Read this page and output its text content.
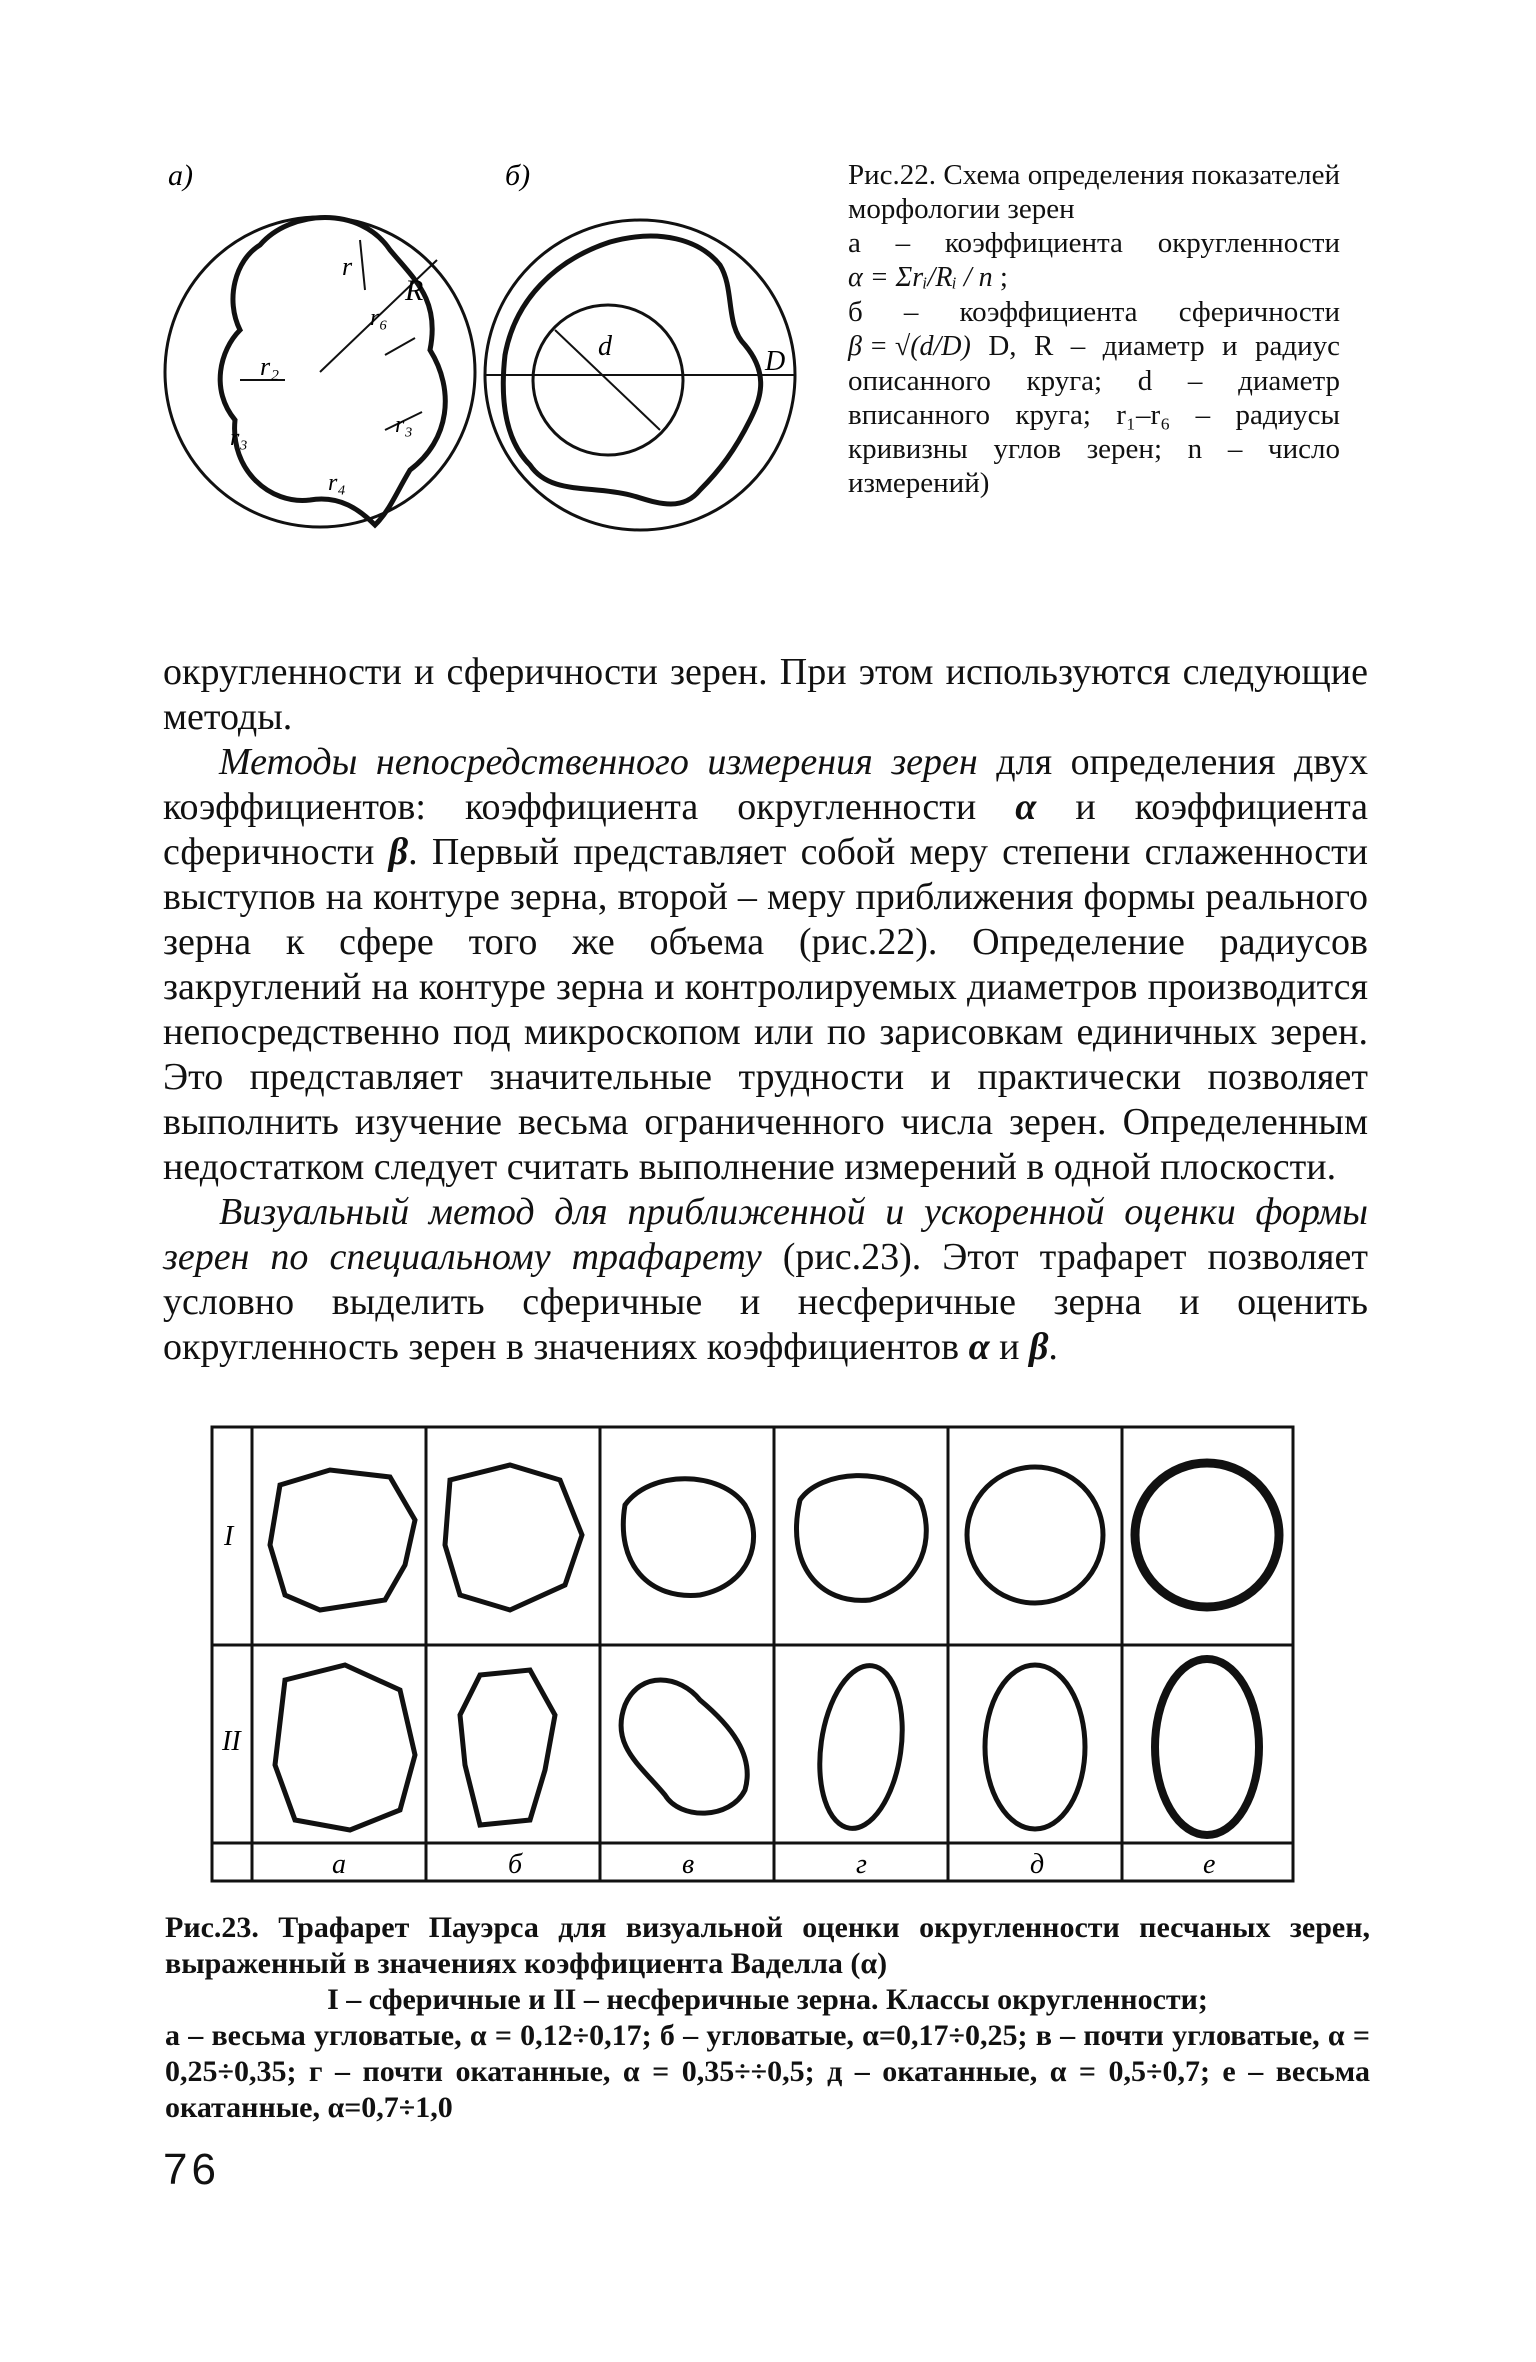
а)
r
r₆
R
r₂
r₃	r₃
r₄
б)
d	D

Рис.22. Схема определения показателей морфологии зерен

а – коэффициента округленности α = Σrᵢ/Rᵢ / n ;

б – коэффициента сферичности β = √(d/D) D, R – диаметр и радиус описанного круга; d – диаметр вписанного круга; r₁–r₆ – радиусы кривизны углов зерен; n – число измерений)

округленности и сферичности зерен. При этом используются следующие методы.

Методы непосредственного измерения зерен для определения двух коэффициентов: коэффициента округленности α и коэффициента сферичности β. Первый представляет собой меру степени сглаженности выступов на контуре зерна, второй – меру приближения формы реального зерна к сфере того же объема (рис.22). Определение радиусов закруглений на контуре зерна и контролируемых диаметров производится непосредственно под микроскопом или по зарисовкам единичных зерен. Это представляет значительные трудности и практически позволяет выполнить изучение весьма ограниченного числа зерен. Определенным недостатком следует считать выполнение измерений в одной плоскости.

Визуальный метод для приближенной и ускоренной оценки формы зерен по специальному трафарету (рис.23). Этот трафарет позволяет условно выделить сферичные и несферичные зерна и оценить округленность зерен в значениях коэффициентов α и β.

I
II
а	б	в	г	д	е

Рис.23. Трафарет Пауэрса для визуальной оценки округленности песчаных зерен, выраженный в значениях коэффициента Ваделла (α)

I – сферичные и II – несферичные зерна. Классы округленности;

а – весьма угловатые, α = 0,12÷0,17; б – угловатые, α=0,17÷0,25; в – почти угловатые, α = 0,25÷0,35; г – почти окатанные, α = 0,35÷÷0,5; д – окатанные, α = 0,5÷0,7; е – весьма окатанные, α=0,7÷1,0

76
